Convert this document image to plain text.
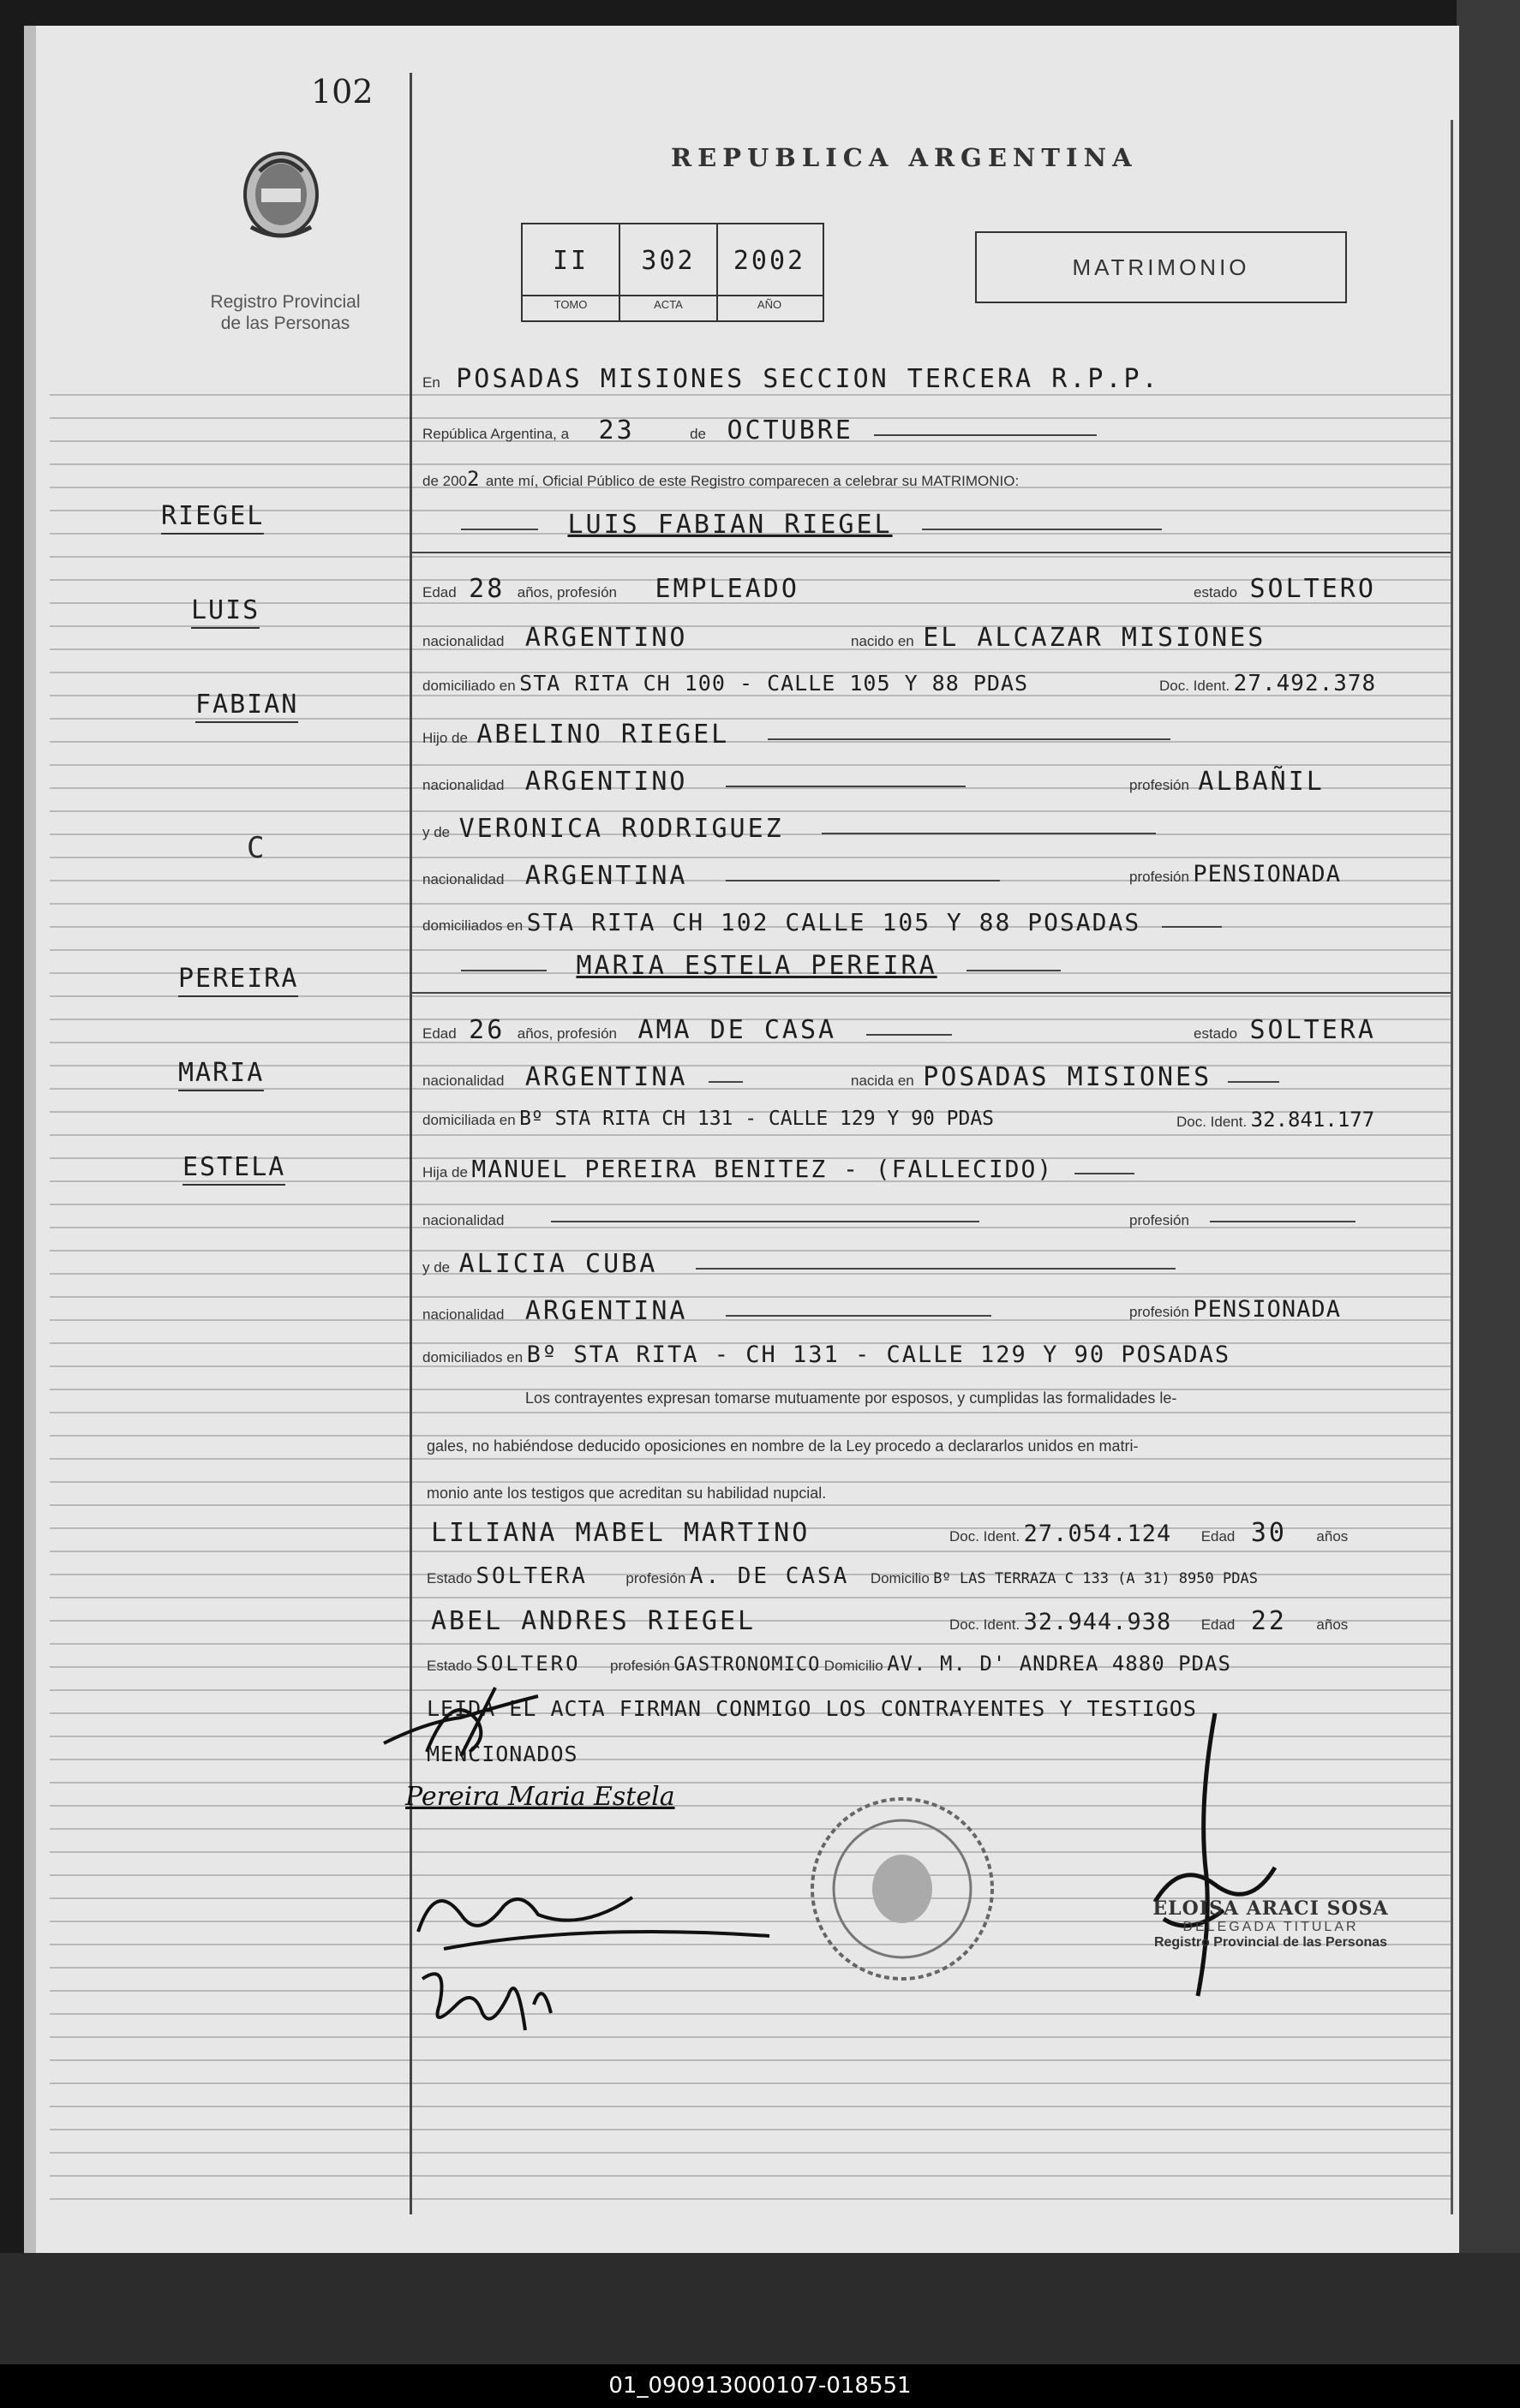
102
Registro Provincial
de las Personas
REPUBLICA ARGENTINA
II	302	2002
TOMO	ACTA	AÑO
MATRIMONIO
RIEGEL
LUIS
FABIAN
C
PEREIRA
MARIA
ESTELA
En POSADAS MISIONES SECCION TERCERA R.P.P.
República Argentina, a 23	de OCTUBRE
de 2002 ante mí, Oficial Público de este Registro comparecen a celebrar su MATRIMONIO:
LUIS FABIAN RIEGEL
Edad 28 años, profesión EMPLEADO	estado SOLTERO
nacionalidad ARGENTINO	nacido en EL ALCAZAR MISIONES
domiciliado en STA RITA CH 100 - CALLE 105 Y 88 PDAS	Doc. Ident. 27.492.378
Hijo de ABELINO RIEGEL
nacionalidad ARGENTINO	profesión ALBAÑIL
y de VERONICA RODRIGUEZ
nacionalidad ARGENTINA	profesión PENSIONADA
domiciliados en STA RITA CH 102 CALLE 105 Y 88 POSADAS
MARIA ESTELA PEREIRA
Edad 26 años, profesión AMA DE CASA	estado SOLTERA
nacionalidad ARGENTINA	nacida en POSADAS MISIONES
domiciliada en Bº STA RITA CH 131 - CALLE 129 Y 90 PDAS	Doc. Ident. 32.841.177
Hija de MANUEL PEREIRA BENITEZ - (FALLECIDO)
nacionalidad	profesión
y de ALICIA CUBA
nacionalidad ARGENTINA	profesión PENSIONADA
domiciliados en Bº STA RITA - CH 131 - CALLE 129 Y 90 POSADAS
Los contrayentes expresan tomarse mutuamente por esposos, y cumplidas las formalidades le-
gales, no habiéndose deducido oposiciones en nombre de la Ley procedo a declararlos unidos en matri-
monio ante los testigos que acreditan su habilidad nupcial.
LILIANA MABEL MARTINO	Doc. Ident. 27.054.124 Edad 30 años
Estado SOLTERA	profesión A. DE CASA Domicilio Bº LAS TERRAZA C 133 (A 31) 8950 PDAS
ABEL ANDRES RIEGEL	Doc. Ident. 32.944.938 Edad 22 años
Estado SOLTERO profesión GASTRONOMICO Domicilio AV. M. D' ANDREA 4880 PDAS
LEIDA EL ACTA FIRMAN CONMIGO LOS CONTRAYENTES Y TESTIGOS
MENCIONADOS
Pereira Maria Estela
ELOISA ARACI SOSA
DELEGADA TITULAR
Registro Provincial de las Personas
01_090913000107-018551
